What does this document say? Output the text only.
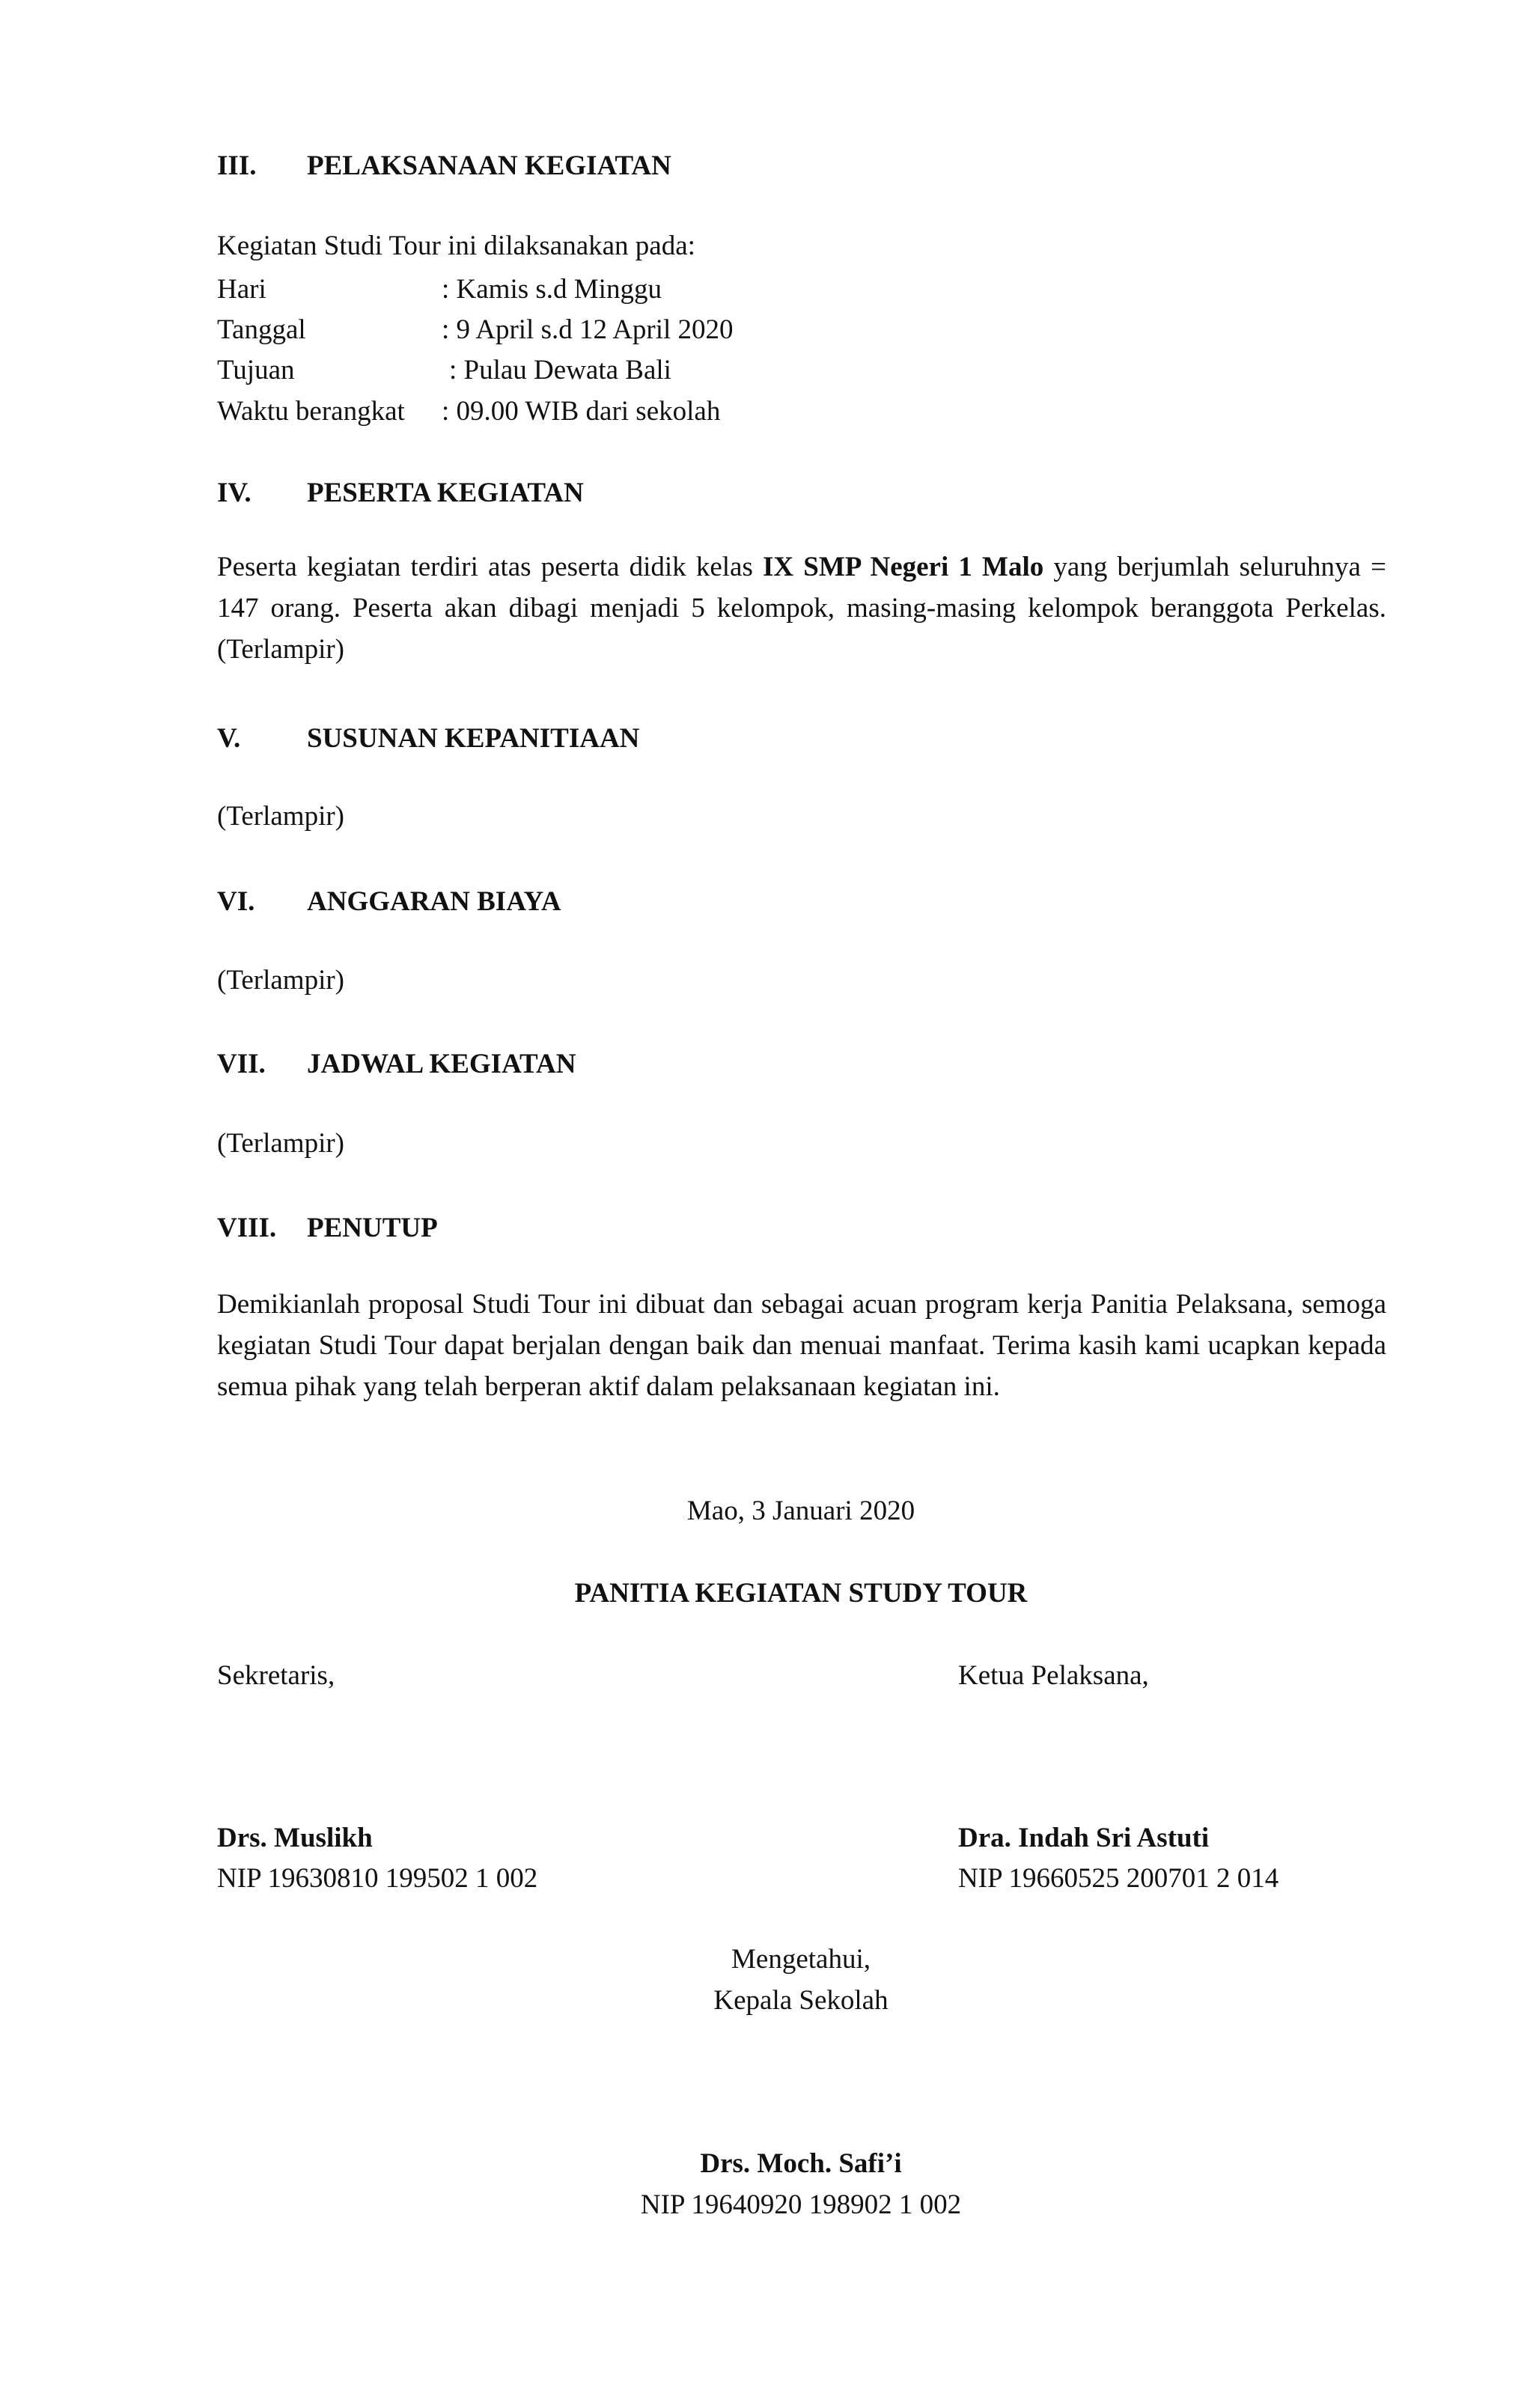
III. PELAKSANAAN KEGIATAN
Kegiatan Studi Tour ini dilaksanakan pada:
Hari	: Kamis s.d Minggu
Tanggal	: 9 April s.d 12 April 2020
Tujuan	: Pulau Dewata Bali
Waktu berangkat : 09.00 WIB dari sekolah
IV. PESERTA KEGIATAN
Peserta kegiatan terdiri atas peserta didik kelas IX SMP Negeri 1 Malo yang berjumlah seluruhnya = 147 orang. Peserta akan dibagi menjadi 5 kelompok, masing-masing kelompok beranggota Perkelas. (Terlampir)
V. SUSUNAN KEPANITIAAN
(Terlampir)
VI. ANGGARAN BIAYA
(Terlampir)
VII. JADWAL KEGIATAN
(Terlampir)
VIII. PENUTUP
Demikianlah proposal Studi Tour ini dibuat dan sebagai acuan program kerja Panitia Pelaksana, semoga kegiatan Studi Tour dapat berjalan dengan baik dan menuai manfaat. Terima kasih kami ucapkan kepada semua pihak yang telah berperan aktif dalam pelaksanaan kegiatan ini.
Mao, 3 Januari 2020
PANITIA KEGIATAN STUDY TOUR
Sekretaris,	Ketua Pelaksana,
Drs. Muslikh
NIP 19630810 199502 1 002
Dra. Indah Sri Astuti
NIP 19660525 200701 2 014
Mengetahui,
Kepala Sekolah
Drs. Moch. Safi’i
NIP 19640920 198902 1 002
